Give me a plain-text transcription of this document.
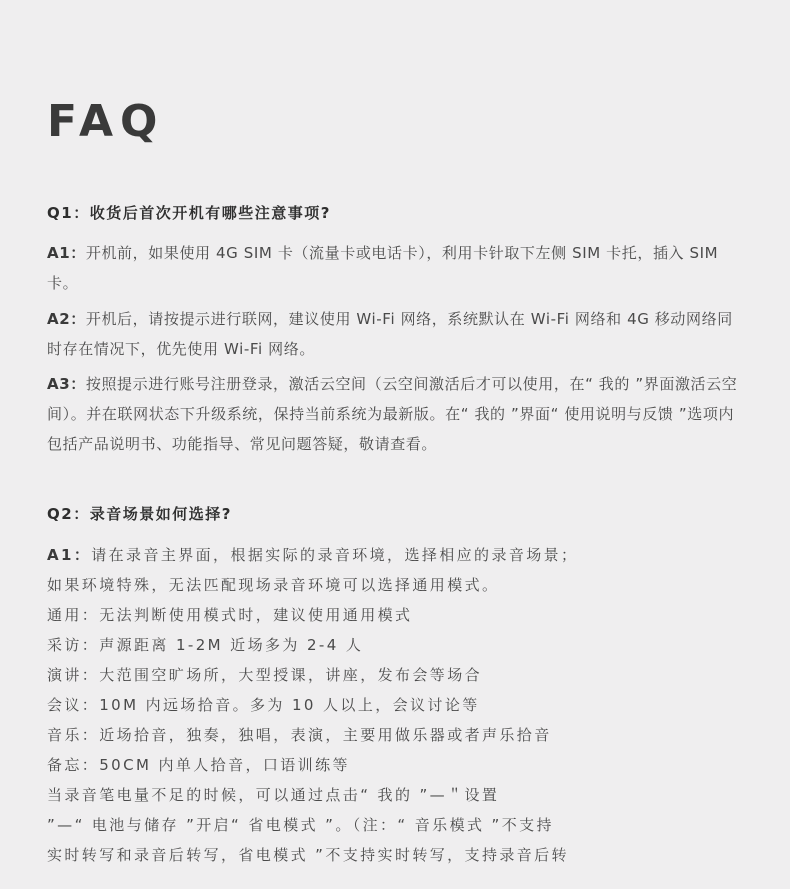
FAQ

Q1：收货后首次开机有哪些注意事项?

A1：开机前，如果使用 4G SIM 卡（流量卡或电话卡），利用卡针取下左侧 SIM 卡托，插入 SIM 卡。

A2：开机后，请按提示进行联网，建议使用 Wi-Fi 网络，系统默认在 Wi-Fi 网络和 4G 移动网络同时存在情况下，优先使用 Wi-Fi 网络。

A3：按照提示进行账号注册登录，激活云空间（云空间激活后才可以使用，在“ 我的 ”界面激活云空间）。并在联网状态下升级系统，保持当前系统为最新版。在“ 我的 ”界面“ 使用说明与反馈 ”选项内包括产品说明书、功能指导、常见问题答疑，敬请查看。

Q2：录音场景如何选择?

A1：请在录音主界面，根据实际的录音环境，选择相应的录音场景；
如果环境特殊，无法匹配现场录音环境可以选择通用模式。
通用：无法判断使用模式时，建议使用通用模式
采访：声源距离 1-2M 近场多为 2-4 人
演讲：大范围空旷场所，大型授课，讲座，发布会等场合
会议：10M 内远场拾音。多为 10 人以上，会议讨论等
音乐：近场拾音，独奏，独唱，表演，主要用做乐器或者声乐拾音
备忘：50CM 内单人拾音，口语训练等
当录音笔电量不足的时候，可以通过点击“ 我的 ”—＂设置
”—“ 电池与储存 ”开启“ 省电模式 ”。（注：“ 音乐模式 ”不支持
实时转写和录音后转写，省电模式 ”不支持实时转写，支持录音后转
